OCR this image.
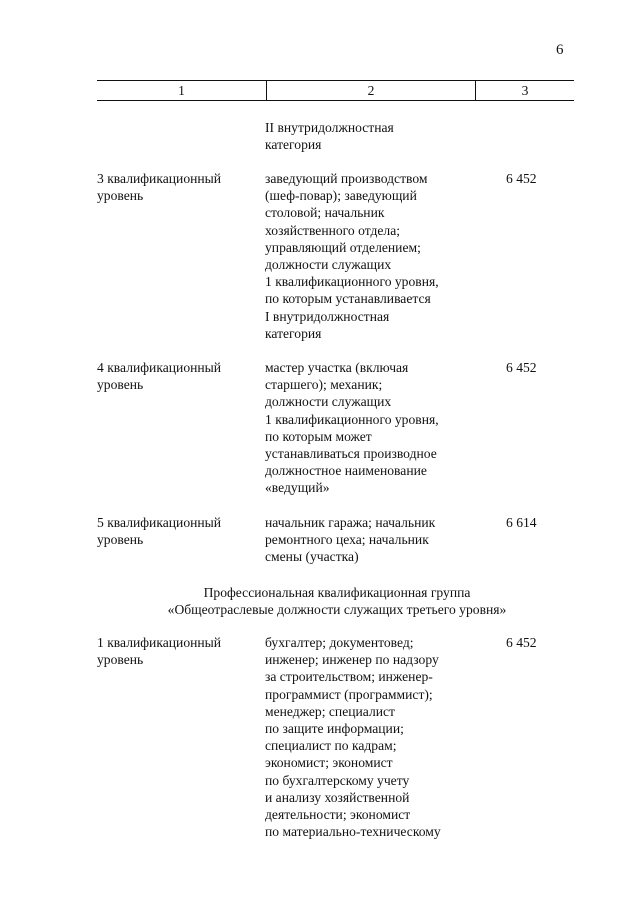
6
1	2	3
II внутридолжностная
категория
3 квалификационный
уровень
заведующий производством
(шеф-повар); заведующий
столовой; начальник
хозяйственного отдела;
управляющий отделением;
должности служащих
1 квалификационного уровня,
по которым устанавливается
I внутридолжностная
категория
6 452
4 квалификационный
уровень
мастер участка (включая
старшего); механик;
должности служащих
1 квалификационного уровня,
по которым может
устанавливаться производное
должностное наименование
«ведущий»
6 452
5 квалификационный
уровень
начальник гаража; начальник
ремонтного цеха; начальник
смены (участка)
6 614
Профессиональная квалификационная группа
«Общеотраслевые должности служащих третьего уровня»
1 квалификационный
уровень
бухгалтер; документовед;
инженер; инженер по надзору
за строительством; инженер-
программист (программист);
менеджер; специалист
по защите информации;
специалист по кадрам;
экономист; экономист
по бухгалтерскому учету
и анализу хозяйственной
деятельности; экономист
по материально-техническому
6 452
